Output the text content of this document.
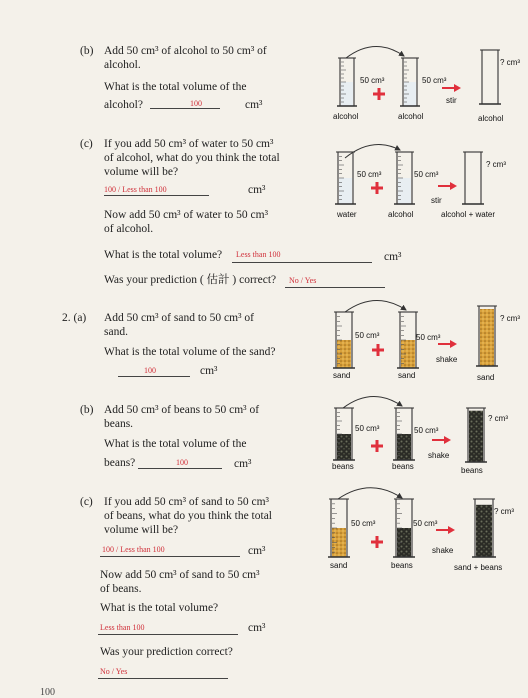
(b) Add 50 cm³ of alcohol to 50 cm³ of
alcohol.
What is the total volume of the
alcohol?	100	cm³
(c) If you add 50 cm³ of water to 50 cm³
of alcohol, what do you think the total
volume will be?
100 / Less than 100	cm³
Now add 50 cm³ of water to 50 cm³
of alcohol.
What is the total volume? Less than 100	cm³
Was your prediction ( 估計 ) correct? No / Yes
2. (a) Add 50 cm³ of sand to 50 cm³ of
sand.
What is the total volume of the sand?
100	cm³
(b) Add 50 cm³ of beans to 50 cm³ of
beans.
What is the total volume of the
beans?	100	cm³
(c) If you add 50 cm³ of sand to 50 cm³
of beans, what do you think the total
volume will be?
100 / Less than 100	cm³
Now add 50 cm³ of sand to 50 cm³
of beans.
What is the total volume?
Less than 100	cm³
Was your prediction correct?
No / Yes
100
50 cm³	50 cm³
stir
? cm³
alcohol	alcohol	alcohol
50 cm³	50 cm³
stir
? cm³
water	alcohol	alcohol + water
50 cm³	50 cm³
shake
? cm³
sand	sand	sand
50 cm³	50 cm³
shake
? cm³
beans	beans	beans
50 cm³	50 cm³
shake
? cm³
sand	beans	sand + beans
